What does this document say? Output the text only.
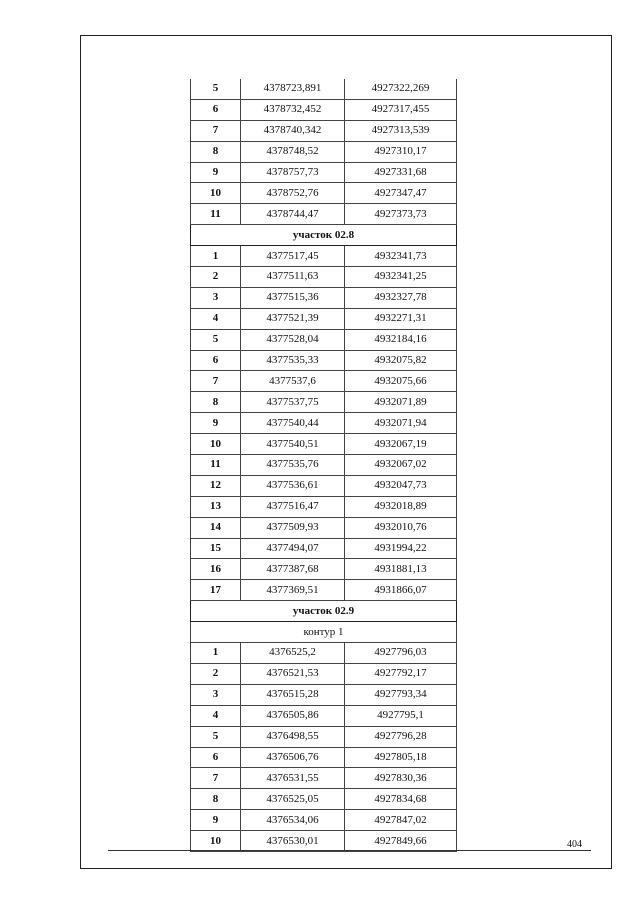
5	4378723,891	4927322,269
6	4378732,452	4927317,455
7	4378740,342	4927313,539
8	4378748,52	4927310,17
9	4378757,73	4927331,68
10	4378752,76	4927347,47
11	4378744,47	4927373,73
участок 02.8		
1	4377517,45	4932341,73
2	4377511,63	4932341,25
3	4377515,36	4932327,78
4	4377521,39	4932271,31
5	4377528,04	4932184,16
6	4377535,33	4932075,82
7	4377537,6	4932075,66
8	4377537,75	4932071,89
9	4377540,44	4932071,94
10	4377540,51	4932067,19
11	4377535,76	4932067,02
12	4377536,61	4932047,73
13	4377516,47	4932018,89
14	4377509,93	4932010,76
15	4377494,07	4931994,22
16	4377387,68	4931881,13
17	4377369,51	4931866,07
участок 02.9		
контур 1		
1	4376525,2	4927796,03
2	4376521,53	4927792,17
3	4376515,28	4927793,34
4	4376505,86	4927795,1
5	4376498,55	4927796,28
6	4376506,76	4927805,18
7	4376531,55	4927830,36
8	4376525,05	4927834,68
9	4376534,06	4927847,02
10	4376530,01	4927849,66	404
